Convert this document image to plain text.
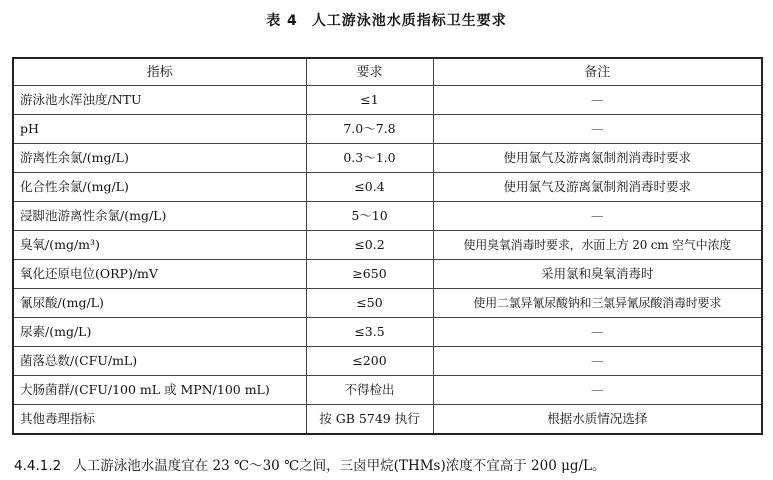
表 4 人工游泳池水质指标卫生要求
指标	要求	备注
游泳池水浑浊度/NTU	≤1	—
pH	7.0～7.8	—
游离性余氯/(mg/L)	0.3～1.0	使用氯气及游离氯制剂消毒时要求
化合性余氯/(mg/L)	≤0.4	使用氯气及游离氯制剂消毒时要求
浸脚池游离性余氯/(mg/L)	5～10	—
臭氧/(mg/m³)	≤0.2	使用臭氧消毒时要求，水面上方 20 cm 空气中浓度
氧化还原电位(ORP)/mV	≥650	采用氯和臭氧消毒时
氰尿酸/(mg/L)	≤50	使用二氯异氰尿酸钠和三氯异氰尿酸消毒时要求
尿素/(mg/L)	≤3.5	—
菌落总数/(CFU/mL)	≤200	—
大肠菌群/(CFU/100 mL 或 MPN/100 mL)	不得检出	—
其他毒理指标	按 GB 5749 执行	根据水质情况选择
4.4.1.2 人工游泳池水温度宜在 23 ℃～30 ℃之间，三卤甲烷(THMs)浓度不宜高于 200 μg/L。
